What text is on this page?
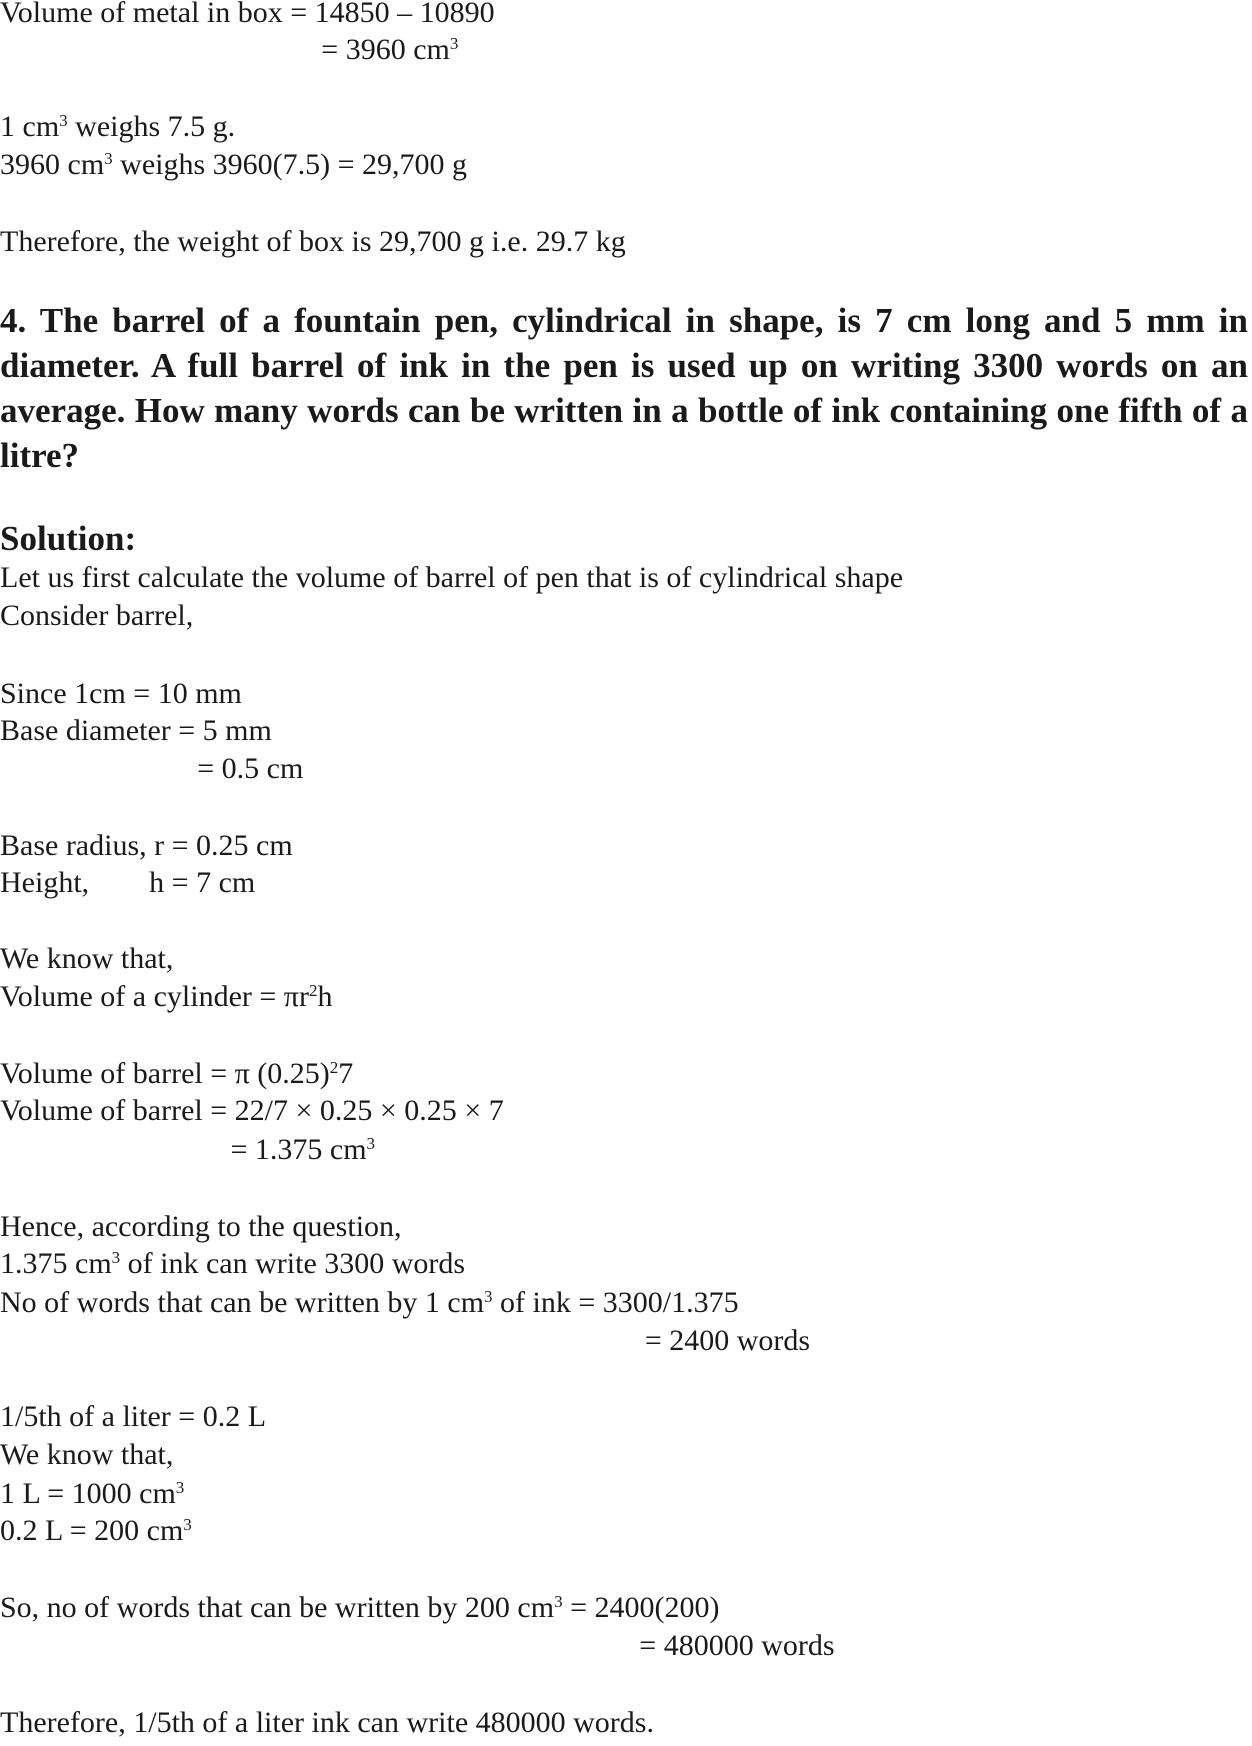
4. The barrel of a fountain pen, cylindrical in shape, is 7 cm long and 5 mm in diameter. A full barrel of ink in the pen is used up on writing 3300 words on an average. How many words can be written in a bottle of ink containing one fifth of a litre?
Solution:
Volume of metal in box = 14850 – 10890
= 3960 $cm^3$
1 $cm^3$ weighs 7.5 g.
3960 $cm^3$ weighs 3960(7.5) = 29,700 g
Therefore, the weight of box is 29,700 g i.e. 29.7 kg
Let us first calculate the volume of barrel of pen that is of cylindrical shape
Consider barrel,
Since 1cm = 10 mm
Base diameter = 5 mm
= 0.5 cm
Base radius, r = 0.25 cm
Height,        h = 7 cm
We know that,
Volume of a cylinder = $\pi r^2h$
Volume of barrel = π $(0.25)^27$
Volume of barrel = 22/7 × 0.25 × 0.25 × 7
= 1.375 $cm^3$
Hence, according to the question,
1.375 $cm^3$ of ink can write 3300 words
No of words that can be written by 1 $cm^3$ of ink = 3300/1.375
= 2400 words
1/5th of a liter = 0.2 L
We know that,
1 L = 1000 $cm^3$
0.2 L = 200 $cm^3$
So, no of words that can be written by 200 $cm^3 = 2400(200)$
= 480000 words
Therefore, 1/5th of a liter ink can write 480000 words.
